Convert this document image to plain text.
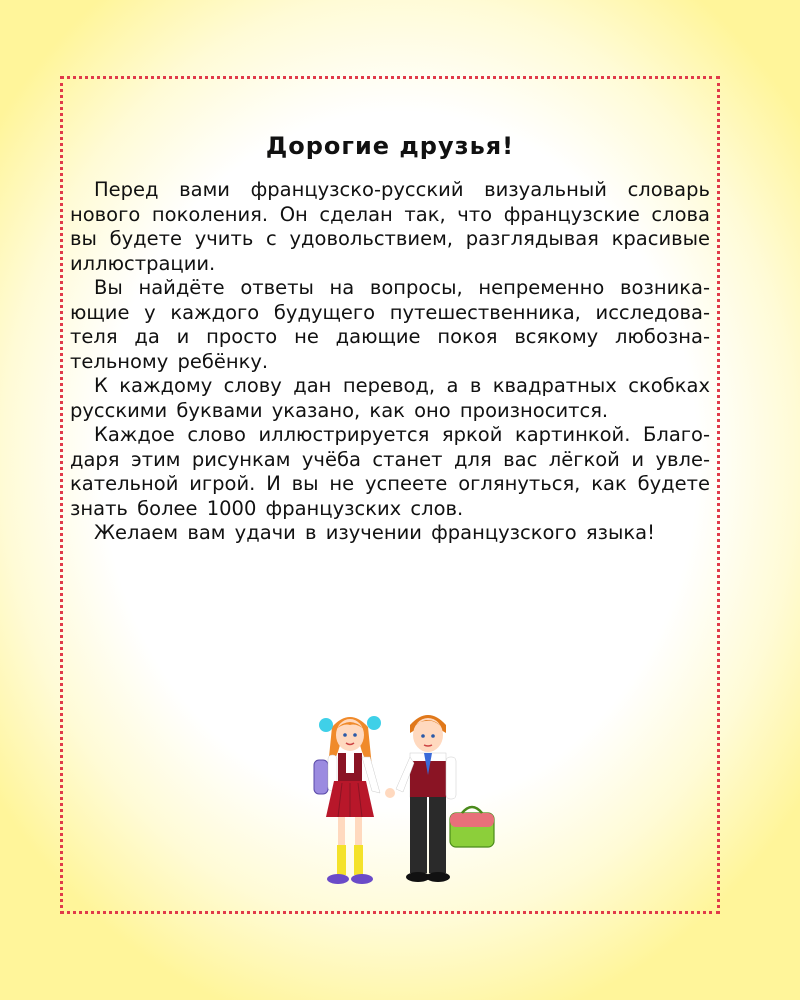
Дорогие друзья!

Перед вами французско-русский визуальный словарь нового поколения. Он сделан так, что французские слова вы будете учить с удовольствием, разглядывая красивые иллюстрации.

Вы найдёте ответы на вопросы, непременно возника-ющие у каждого будущего путешественника, исследова-теля да и просто не дающие покоя всякому любозна-тельному ребёнку.

К каждому слову дан перевод, а в квадратных скобках русскими буквами указано, как оно произносится.

Каждое слово иллюстрируется яркой картинкой. Благо-даря этим рисункам учёба станет для вас лёгкой и увле-кательной игрой. И вы не успеете оглянуться, как будете знать более 1000 французских слов.

Желаем вам удачи в изучении французского языка!
